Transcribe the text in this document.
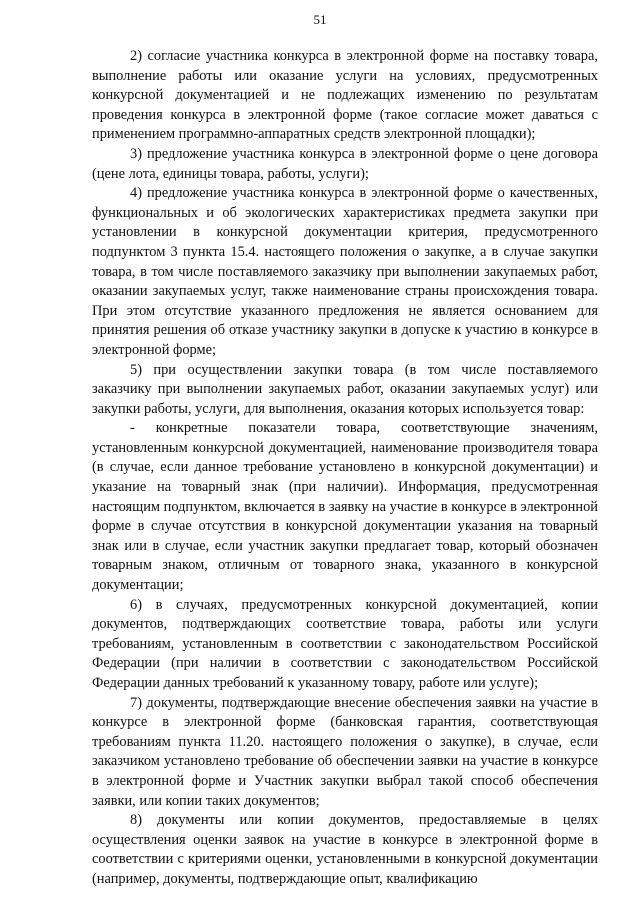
51

2) согласие участника конкурса в электронной форме на поставку товара, выполнение работы или оказание услуги на условиях, предусмотренных конкурсной документацией и не подлежащих изменению по результатам проведения конкурса в электронной форме (такое согласие может даваться с применением программно-аппаратных средств электронной площадки);

3) предложение участника конкурса в электронной форме о цене договора (цене лота, единицы товара, работы, услуги);

4) предложение участника конкурса в электронной форме о качественных, функциональных и об экологических характеристиках предмета закупки при установлении в конкурсной документации критерия, предусмотренного подпунктом 3 пункта 15.4. настоящего положения о закупке, а в случае закупки товара, в том числе поставляемого заказчику при выполнении закупаемых работ, оказании закупаемых услуг, также наименование страны происхождения товара. При этом отсутствие указанного предложения не является основанием для принятия решения об отказе участнику закупки в допуске к участию в конкурсе в электронной форме;

5) при осуществлении закупки товара (в том числе поставляемого заказчику при выполнении закупаемых работ, оказании закупаемых услуг) или закупки работы, услуги, для выполнения, оказания которых используется товар:

- конкретные показатели товара, соответствующие значениям, установленным конкурсной документацией, наименование производителя товара (в случае, если данное требование установлено в конкурсной документации) и указание на товарный знак (при наличии). Информация, предусмотренная настоящим подпунктом, включается в заявку на участие в конкурсе в электронной форме в случае отсутствия в конкурсной документации указания на товарный знак или в случае, если участник закупки предлагает товар, который обозначен товарным знаком, отличным от товарного знака, указанного в конкурсной документации;

6) в случаях, предусмотренных конкурсной документацией, копии документов, подтверждающих соответствие товара, работы или услуги требованиям, установленным в соответствии с законодательством Российской Федерации (при наличии в соответствии с законодательством Российской Федерации данных требований к указанному товару, работе или услуге);

7) документы, подтверждающие внесение обеспечения заявки на участие в конкурсе в электронной форме (банковская гарантия, соответствующая требованиям пункта 11.20. настоящего положения о закупке), в случае, если заказчиком установлено требование об обеспечении заявки на участие в конкурсе в электронной форме и Участник закупки выбрал такой способ обеспечения заявки, или копии таких документов;

8) документы или копии документов, предоставляемые в целях осуществления оценки заявок на участие в конкурсе в электронной форме в соответствии с критериями оценки, установленными в конкурсной документации (например, документы, подтверждающие опыт, квалификацию
